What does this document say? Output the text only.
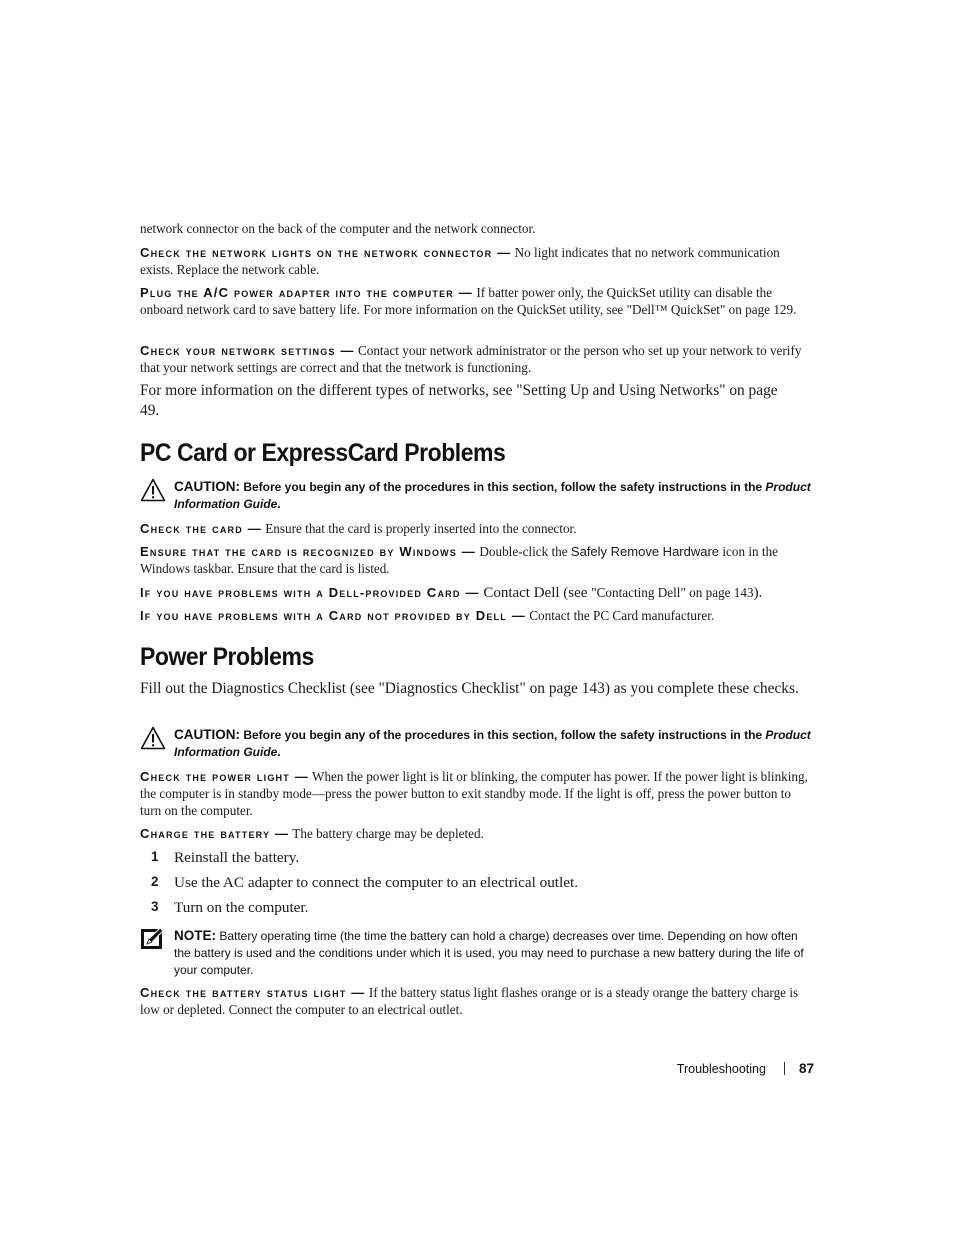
network connector on the back of the computer and the network connector.

Check the network lights on the network connector — No light indicates that no network communication exists. Replace the network cable.

Plug the A/C power adapter into the computer — If batter power only, the QuickSet utility can disable the onboard network card to save battery life. For more information on the QuickSet utility, see "Dell™ QuickSet" on page 129.

Check your network settings — Contact your network administrator or the person who set up your network to verify that your network settings are correct and that the tnetwork is functioning.

For more information on the different types of networks, see "Setting Up and Using Networks" on page 49.

PC Card or ExpressCard Problems
CAUTION: Before you begin any of the procedures in this section, follow the safety instructions in the Product Information Guide.

Check the card — Ensure that the card is properly inserted into the connector.

Ensure that the card is recognized by Windows — Double-click the Safely Remove Hardware icon in the Windows taskbar. Ensure that the card is listed.

If you have problems with a Dell-provided Card — Contact Dell (see "Contacting Dell" on page 143).

If you have problems with a Card not provided by Dell — Contact the PC Card manufacturer.

Power Problems

Fill out the Diagnostics Checklist (see "Diagnostics Checklist" on page 143) as you complete these checks.

CAUTION: Before you begin any of the procedures in this section, follow the safety instructions in the Product Information Guide.

Check the power light — When the power light is lit or blinking, the computer has power. If the power light is blinking, the computer is in standby mode—press the power button to exit standby mode. If the light is off, press the power button to turn on the computer.

Charge the battery — The battery charge may be depleted.

1 Reinstall the battery.
2 Use the AC adapter to connect the computer to an electrical outlet.
3 Turn on the computer.
NOTE: Battery operating time (the time the battery can hold a charge) decreases over time. Depending on how often the battery is used and the conditions under which it is used, you may need to purchase a new battery during the life of your computer.

Check the battery status light — If the battery status light flashes orange or is a steady orange the battery charge is low or depleted. Connect the computer to an electrical outlet.

Troubleshooting 87
